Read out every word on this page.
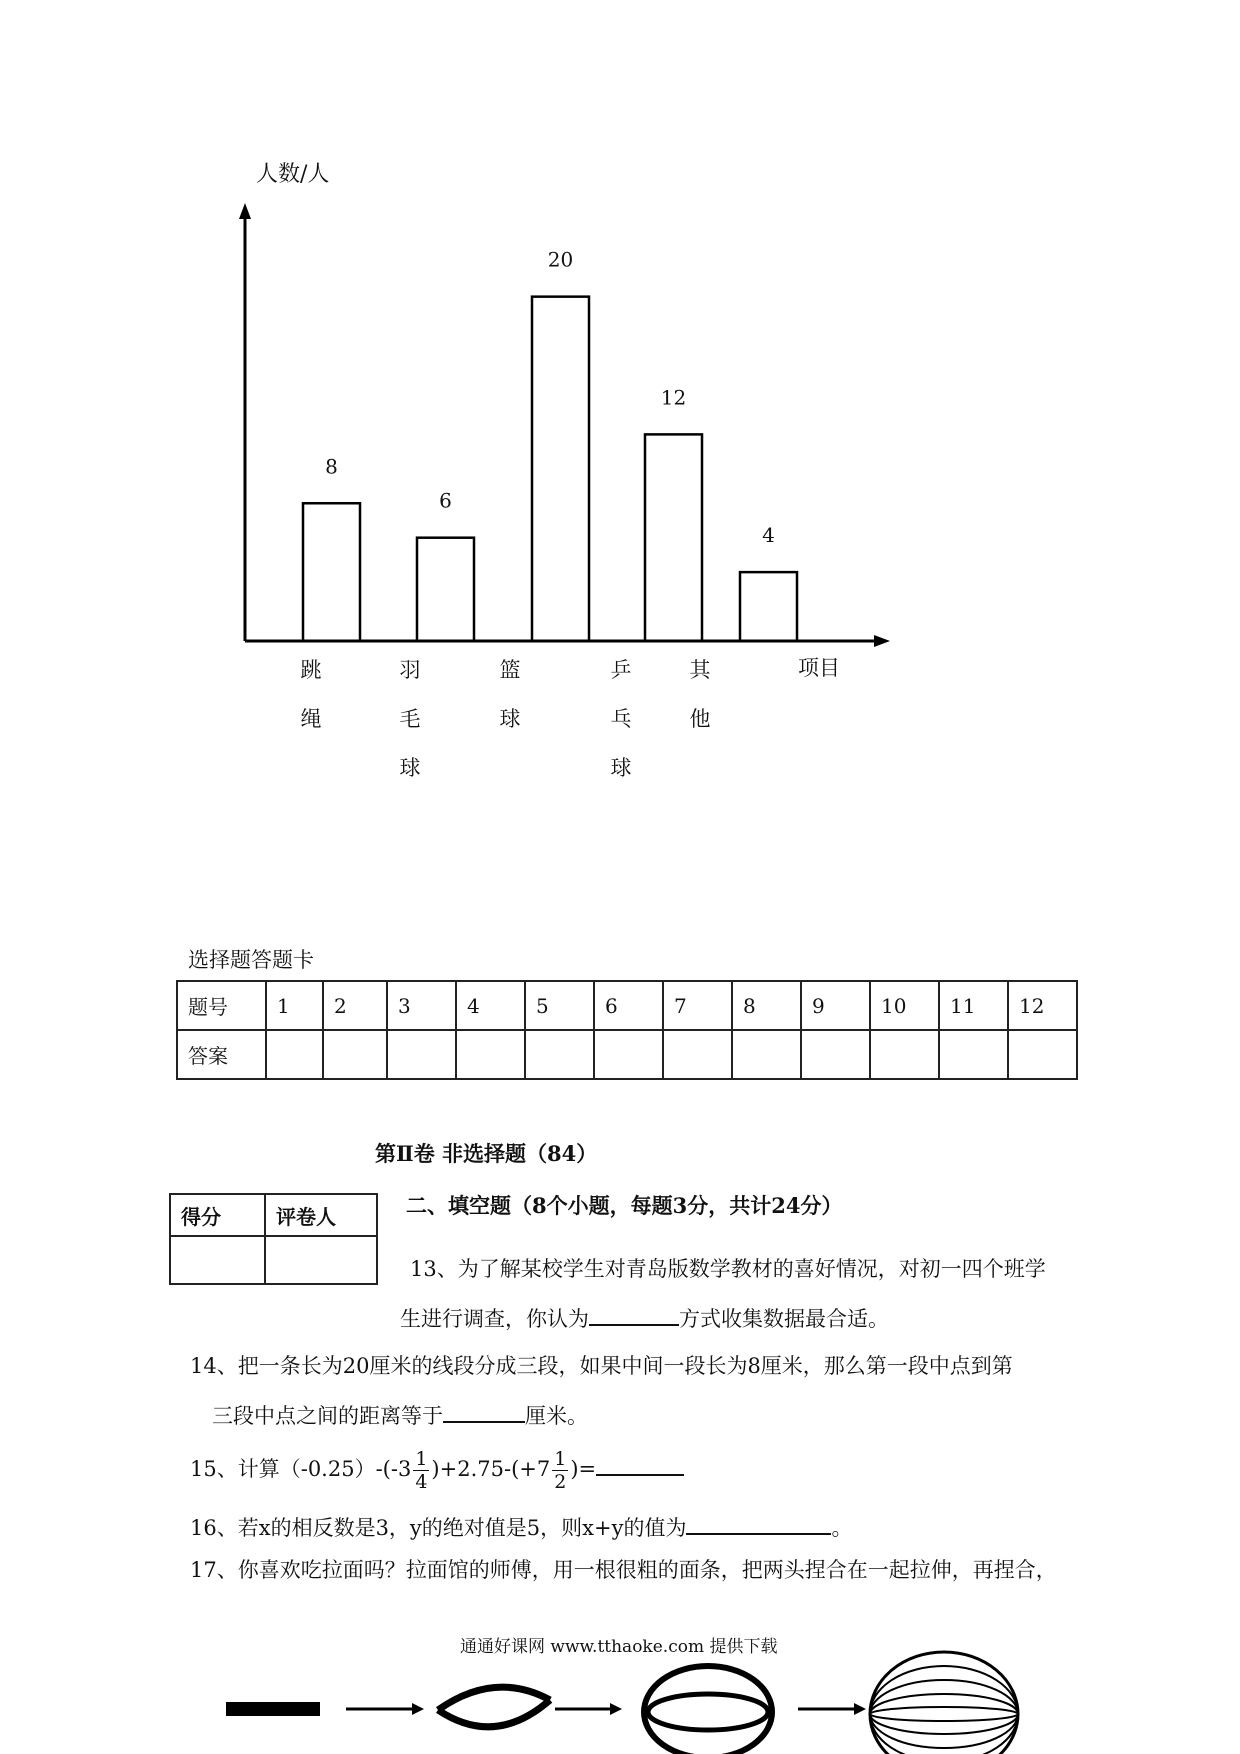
人数/人
项目
8
跳
绳
6
羽
毛
球
20
篮
球
12
乒
乓
球
4
其
他
选择题答题卡
题号	1	2	3	4	5	6	7	8	9	10	11	12
答案												
第Ⅱ卷 非选择题（84）
得分	评卷人
		二、填空题（8个小题，每题3分，共计24分）
13、为了解某校学生对青岛版数学教材的喜好情况，对初一四个班学
生进行调查，你认为	方式收集数据最合适。
14、把一条长为20厘米的线段分成三段，如果中间一段长为8厘米，那么第一段中点到第
三段中点之间的距离等于	厘米。
15、计算$(-0.25)-(-3 \frac{1}{4} )+2.75-(+7 \frac{1}{2}$ )=
16、若x的相反数是3，y的绝对值是5，则x+y的值为	。
17、你喜欢吃拉面吗？拉面馆的师傅，用一根很粗的面条，把两头捏合在一起拉伸，再捏合，
通通好课网 www.tthaoke.com 提供下载
